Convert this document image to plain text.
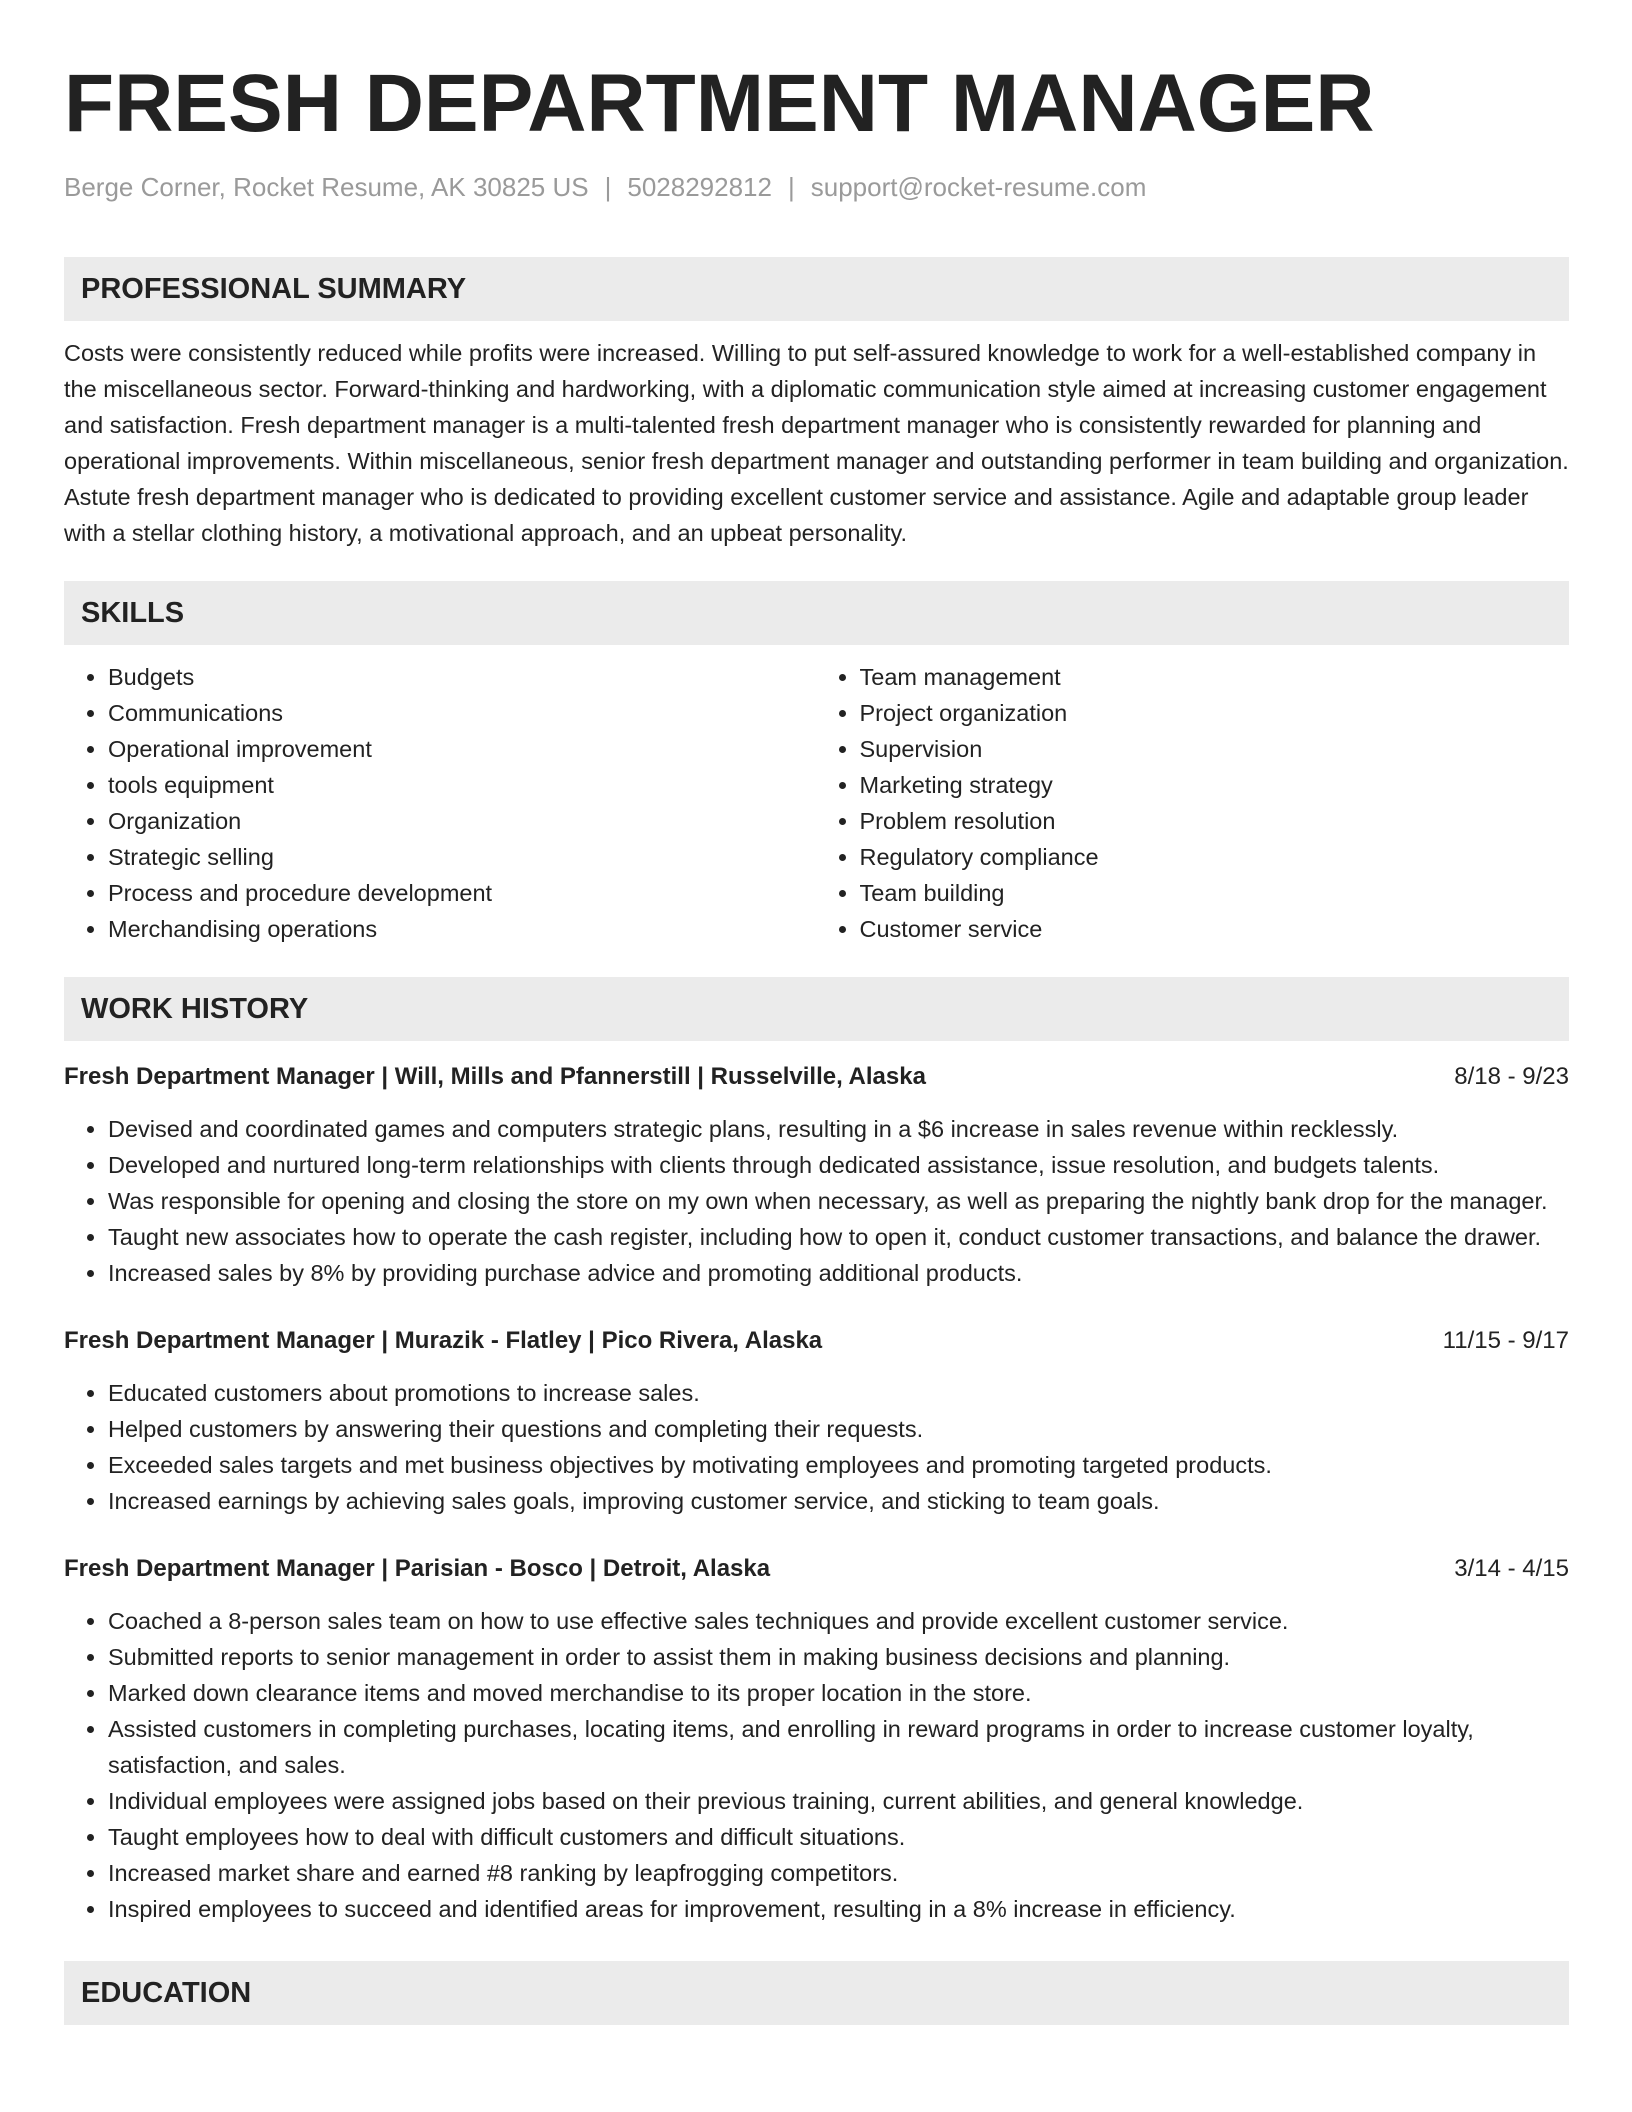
FRESH DEPARTMENT MANAGER
Berge Corner, Rocket Resume, AK 30825 US | 5028292812 | support@rocket-resume.com
PROFESSIONAL SUMMARY
Costs were consistently reduced while profits were increased. Willing to put self-assured knowledge to work for a well-established company in the miscellaneous sector. Forward-thinking and hardworking, with a diplomatic communication style aimed at increasing customer engagement and satisfaction. Fresh department manager is a multi-talented fresh department manager who is consistently rewarded for planning and operational improvements. Within miscellaneous, senior fresh department manager and outstanding performer in team building and organization. Astute fresh department manager who is dedicated to providing excellent customer service and assistance. Agile and adaptable group leader with a stellar clothing history, a motivational approach, and an upbeat personality.
SKILLS
• Budgets
• Communications
• Operational improvement
• tools equipment
• Organization
• Strategic selling
• Process and procedure development
• Merchandising operations
• Team management
• Project organization
• Supervision
• Marketing strategy
• Problem resolution
• Regulatory compliance
• Team building
• Customer service
WORK HISTORY
Fresh Department Manager | Will, Mills and Pfannerstill | Russelville, Alaska	8/18 - 9/23
• Devised and coordinated games and computers strategic plans, resulting in a $6 increase in sales revenue within recklessly.
• Developed and nurtured long-term relationships with clients through dedicated assistance, issue resolution, and budgets talents.
• Was responsible for opening and closing the store on my own when necessary, as well as preparing the nightly bank drop for the manager.
• Taught new associates how to operate the cash register, including how to open it, conduct customer transactions, and balance the drawer.
• Increased sales by 8% by providing purchase advice and promoting additional products.
Fresh Department Manager | Murazik - Flatley | Pico Rivera, Alaska	11/15 - 9/17
• Educated customers about promotions to increase sales.
• Helped customers by answering their questions and completing their requests.
• Exceeded sales targets and met business objectives by motivating employees and promoting targeted products.
• Increased earnings by achieving sales goals, improving customer service, and sticking to team goals.
Fresh Department Manager | Parisian - Bosco | Detroit, Alaska	3/14 - 4/15
• Coached a 8-person sales team on how to use effective sales techniques and provide excellent customer service.
• Submitted reports to senior management in order to assist them in making business decisions and planning.
• Marked down clearance items and moved merchandise to its proper location in the store.
• Assisted customers in completing purchases, locating items, and enrolling in reward programs in order to increase customer loyalty, satisfaction, and sales.
• Individual employees were assigned jobs based on their previous training, current abilities, and general knowledge.
• Taught employees how to deal with difficult customers and difficult situations.
• Increased market share and earned #8 ranking by leapfrogging competitors.
• Inspired employees to succeed and identified areas for improvement, resulting in a 8% increase in efficiency.
EDUCATION
